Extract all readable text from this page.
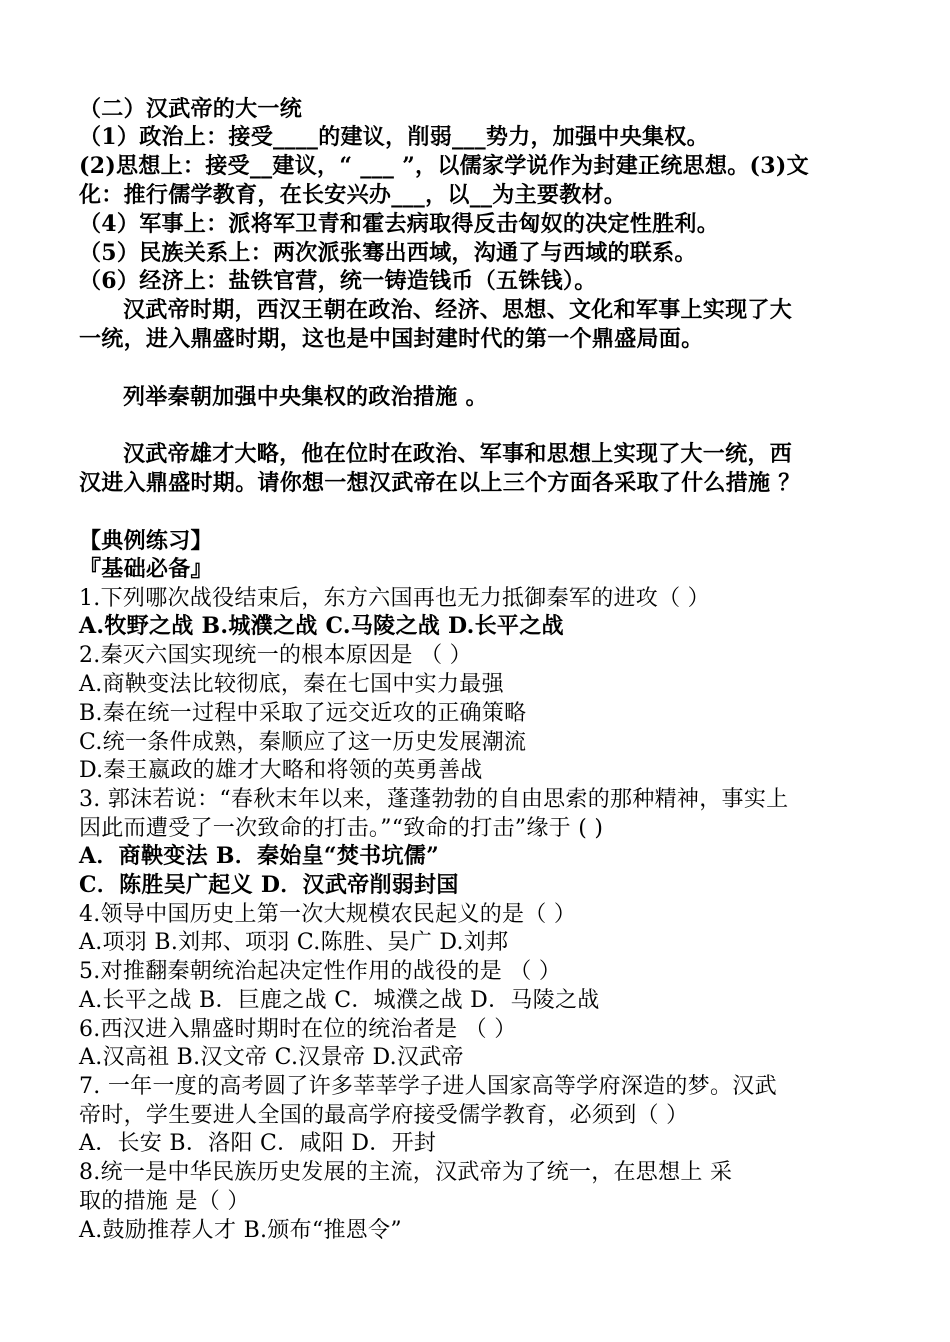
（二）汉武帝的大一统
（1）政治上：接受____的建议，削弱___势力，加强中央集权。
(2)思想上：接受__建议，“ ___ ”，以儒家学说作为封建正统思想。(3)文
化：推行儒学教育，在长安兴办___，以__为主要教材。
（4）军事上：派将军卫青和霍去病取得反击匈奴的决定性胜利。
（5）民族关系上：两次派张骞出西域，沟通了与西域的联系。
（6）经济上：盐铁官营，统一铸造钱币（五铢钱）。
汉武帝时期，西汉王朝在政治、经济、思想、文化和军事上实现了大
一统，进入鼎盛时期，这也是中国封建时代的第一个鼎盛局面。
列举秦朝加强中央集权的政治措施 。
汉武帝雄才大略，他在位时在政治、军事和思想上实现了大一统，西
汉进入鼎盛时期。请你想一想汉武帝在以上三个方面各采取了什么措施 ？
【典例练习】
『基础必备』
1.下列哪次战役结束后，东方六国再也无力抵御秦军的进攻（ ）
A.牧野之战 B.城濮之战 C.马陵之战 D.长平之战
2.秦灭六国实现统一的根本原因是 （ ）
A.商鞅变法比较彻底，秦在七国中实力最强
B.秦在统一过程中采取了远交近攻的正确策略
C.统一条件成熟，秦顺应了这一历史发展潮流
D.秦王嬴政的雄才大略和将领的英勇善战
3. 郭沫若说：“春秋末年以来，蓬蓬勃勃的自由思索的那种精神，事实上
因此而遭受了一次致命的打击。”“致命的打击”缘于 ( )
A．商鞅变法 B．秦始皇“焚书坑儒”
C．陈胜吴广起义 D．汉武帝削弱封国
4.领导中国历史上第一次大规模农民起义的是（ ）
A.项羽 B.刘邦、项羽 C.陈胜、吴广 D.刘邦
5.对推翻秦朝统治起决定性作用的战役的是 （ ）
A.长平之战 B．巨鹿之战 C．城濮之战 D．马陵之战
6.西汉进入鼎盛时期时在位的统治者是 （ ）
A.汉高祖 B.汉文帝 C.汉景帝 D.汉武帝
7. 一年一度的高考圆了许多莘莘学子进人国家高等学府深造的梦。汉武
帝时，学生要进人全国的最高学府接受儒学教育，必须到（ ）
A．长安 B．洛阳 C．咸阳 D．开封
8.统一是中华民族历史发展的主流，汉武帝为了统一，在思想上 采
取的措施 是（ ）
A.鼓励推荐人才 B.颁布“推恩令”
